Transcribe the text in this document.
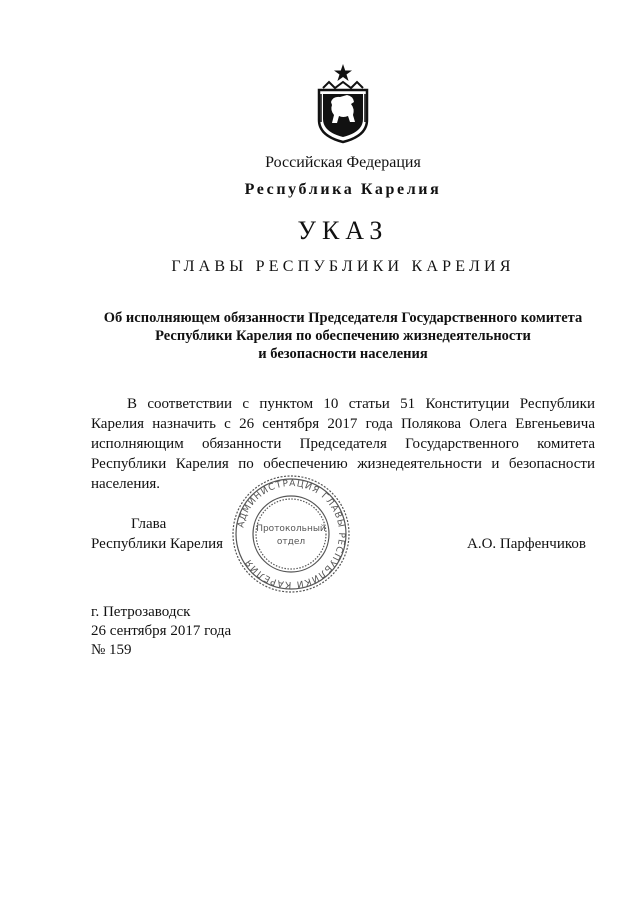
Российская Федерация
Республика Карелия
УКАЗ
ГЛАВЫ РЕСПУБЛИКИ КАРЕЛИЯ
Об исполняющем обязанности Председателя Государственного комитета
Республики Карелия по обеспечению жизнедеятельности
и безопасности населения
В соответствии с пунктом 10 статьи 51 Конституции Республики
Карелия назначить с 26 сентября 2017 года Полякова Олега Евгеньевича
исполняющим обязанности Председателя Государственного комитета
Республики Карелия по обеспечению жизнедеятельности и безопасности
населения.
Глава
Республики Карелия	А.О. Парфенчиков
АДМИНИСТРАЦИЯ ГЛАВЫ РЕСПУБЛИКИ КАРЕЛИЯ
Протокольный
отдел
г. Петрозаводск
26 сентября 2017 года
№ 159
